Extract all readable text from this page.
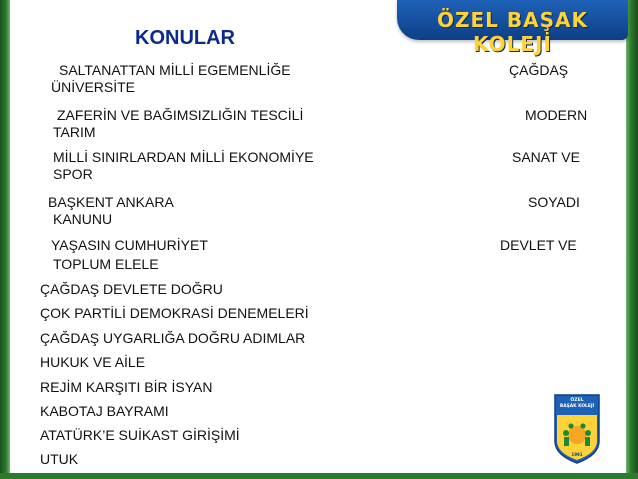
ÖZEL BAŞAK KOLEJİ
KONULAR
SALTANATTAN MİLLİ EGEMENLİĞE	ÇAĞDAŞ
ÜNİVERSİTE
ZAFERİN VE BAĞIMSIZLIĞIN TESCİLİ	MODERN
TARIM
MİLLİ SINIRLARDAN MİLLİ EKONOMİYE	SANAT VE
SPOR
BAŞKENT ANKARA	SOYADI
KANUNU
YAŞASIN CUMHURİYET	DEVLET VE
TOPLUM ELELE
ÇAĞDAŞ DEVLETE DOĞRU
ÇOK PARTİLİ DEMOKRASİ DENEMELERİ
ÇAĞDAŞ UYGARLIĞA DOĞRU ADIMLAR
HUKUK VE AİLE
REJİM KARŞITI BİR İSYAN
KABOTAJ BAYRAMI
ATATÜRK’E SUİKAST GİRİŞİMİ
UTUK
ÖZEL
BAŞAK KOLEJİ
1991
